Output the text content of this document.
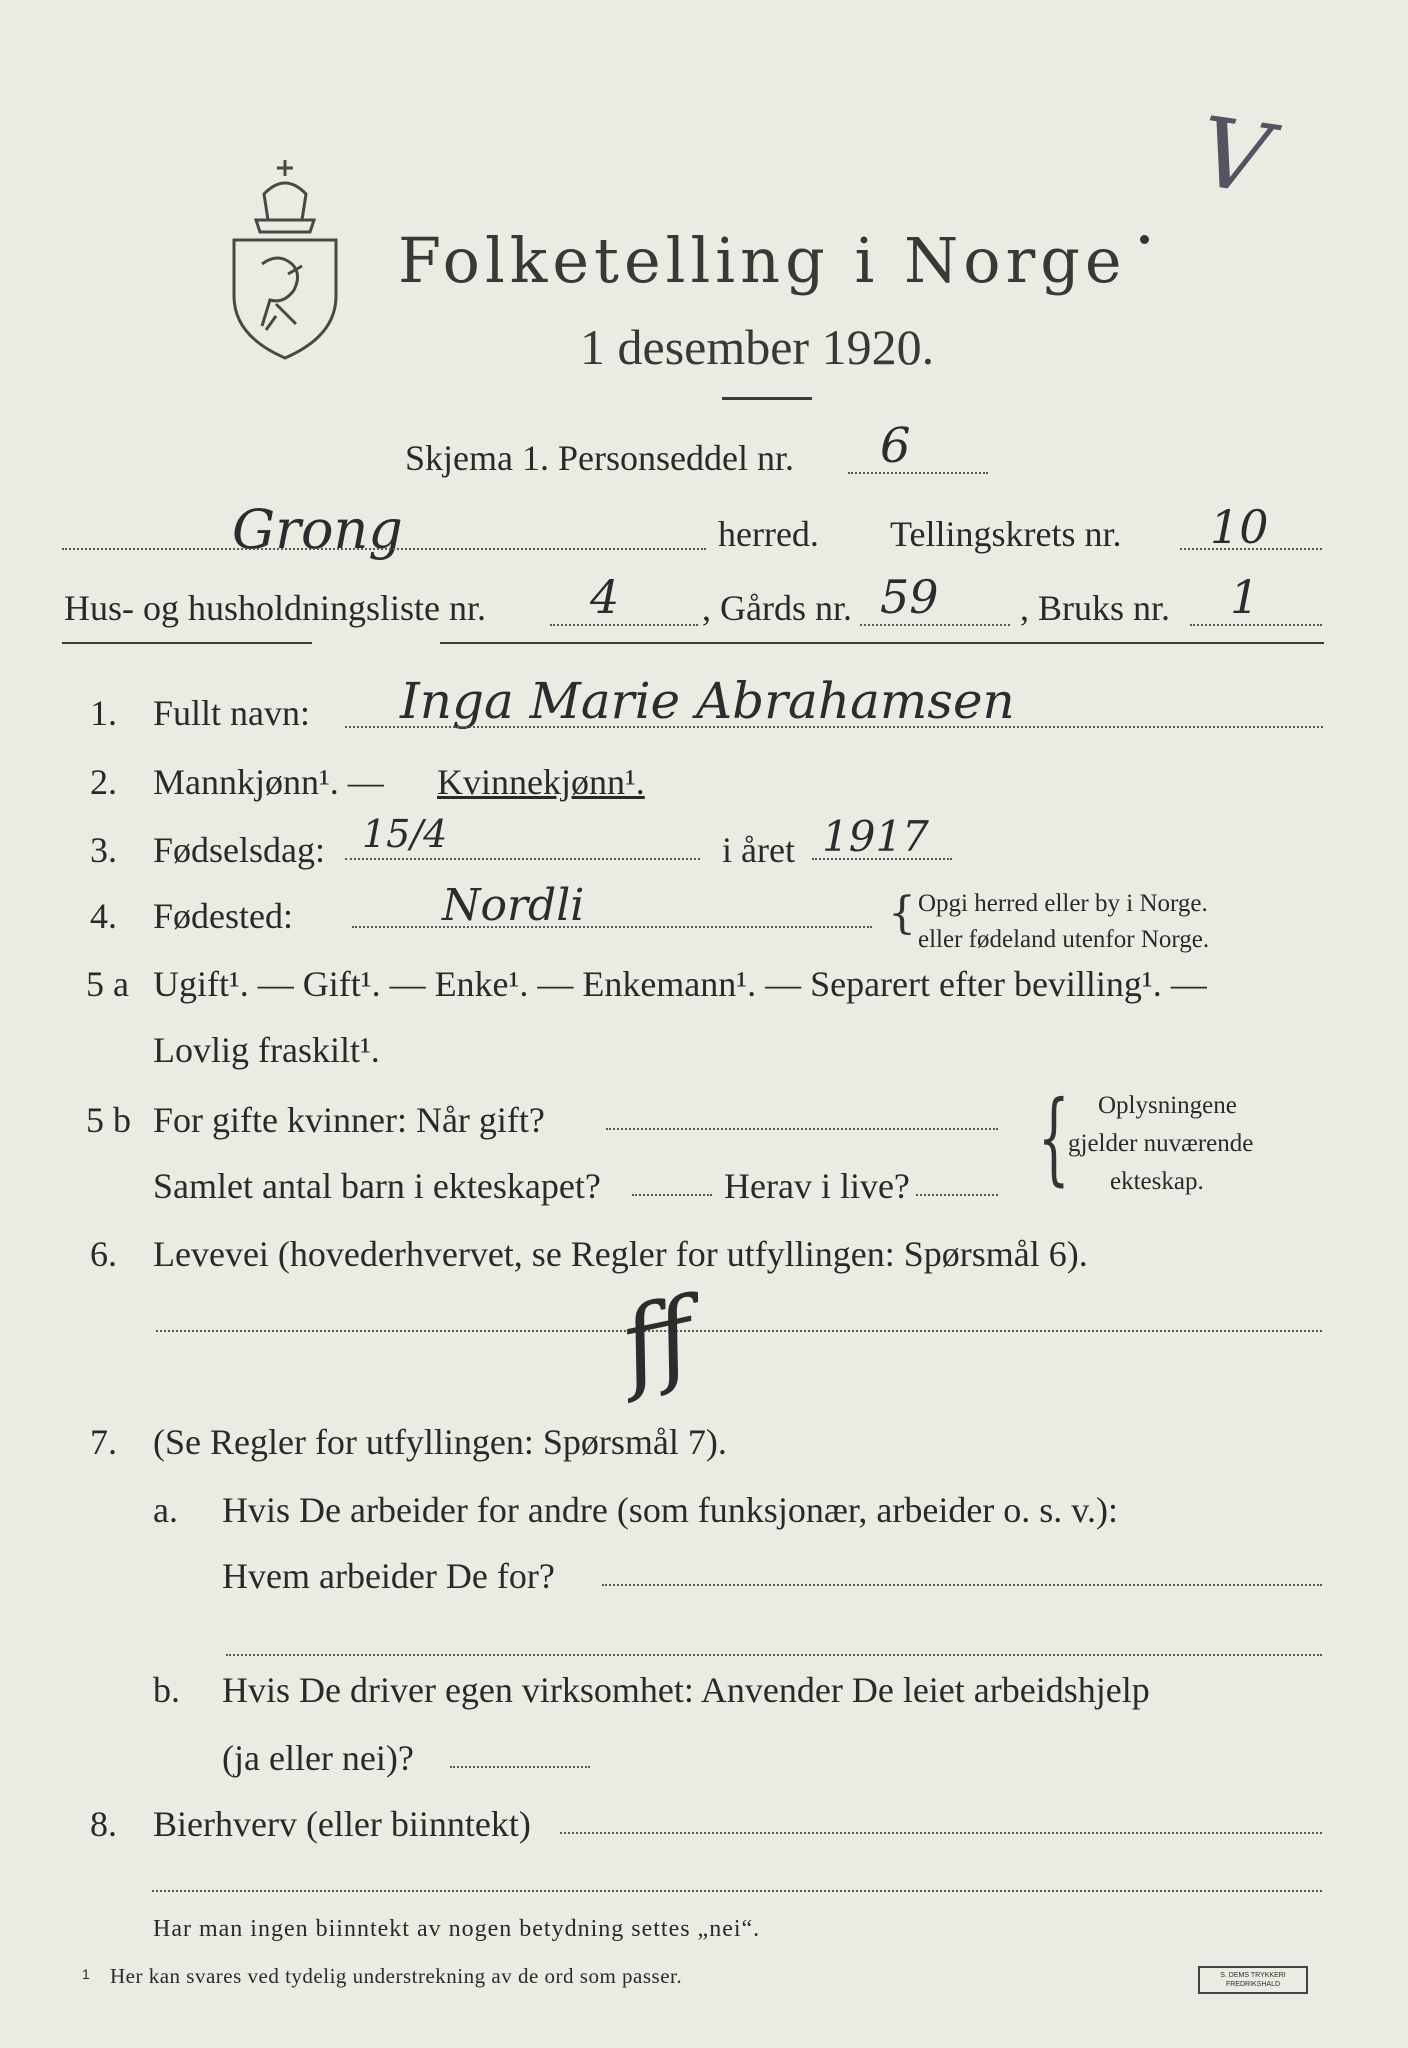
Folketelling i Norge
1 desember 1920.
V
Skjema 1. Personseddel nr. 6
Grong	herred. Tellingskrets nr. 10
Hus- og husholdningsliste nr. 4 , Gårds nr. 59 , Bruks nr. 1
1. Fullt navn: Inga Marie Abrahamsen
2. Mannkjønn¹. — Kvinnekjønn¹.
3. Fødselsdag: 15/4	i året 1917
4. Fødested:	Nordli	{ Opgi herred eller by i Norge.
eller fødeland utenfor Norge.
5 a Ugift¹. — Gift¹. — Enke¹. — Enkemann¹. — Separert efter bevilling¹. —
Lovlig fraskilt¹.
5 b For gifte kvinner: Når gift?
Samlet antal barn i ekteskapet?	Herav i live? { Oplysningene
gjelder nuværende
ekteskap.
6. Levevei (hovederhvervet, se Regler for utfyllingen: Spørsmål 6).
ff
7. (Se Regler for utfyllingen: Spørsmål 7).
a. Hvis De arbeider for andre (som funksjonær, arbeider o. s. v.):
Hvem arbeider De for?
b. Hvis De driver egen virksomhet: Anvender De leiet arbeidshjelp
(ja eller nei)?
8. Bierhverv (eller biinntekt)
Har man ingen biinntekt av nogen betydning settes „nei“.
1 Her kan svares ved tydelig understrekning av de ord som passer.	S. DEMS TRYKKERI FREDRIKSHALD
